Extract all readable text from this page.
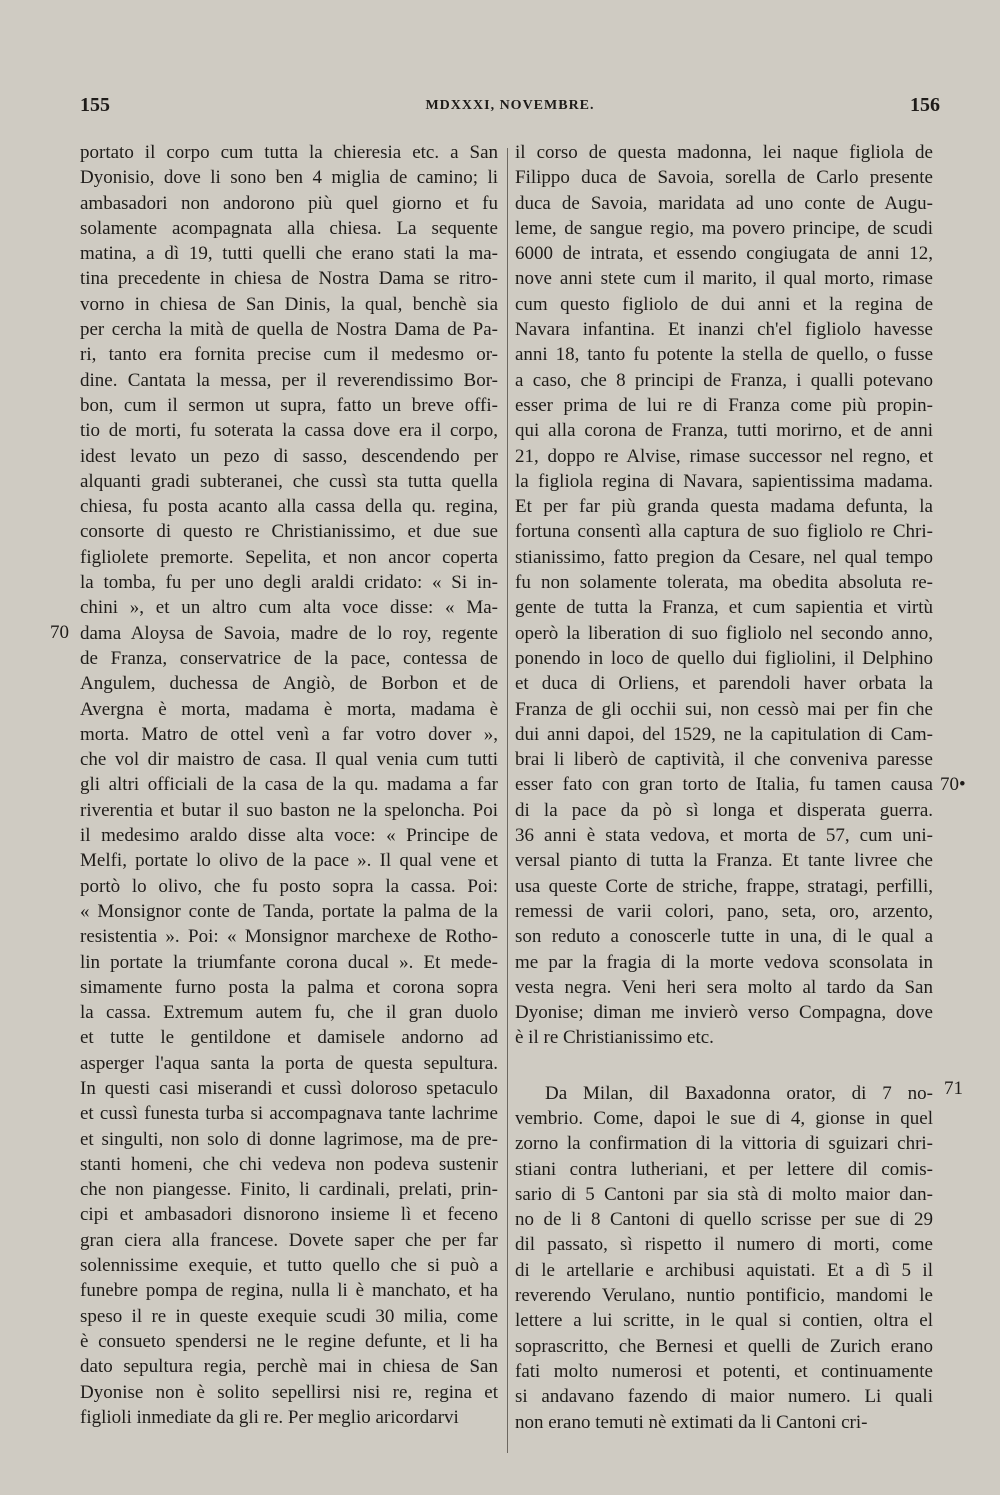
155	MDXXXI, NOVEMBRE.	156
70
70•
71
portato il corpo cum tutta la chieresia etc. a San
Dyonisio, dove li sono ben 4 miglia de camino; li
ambasadori non andorono più quel giorno et fu
solamente acompagnata alla chiesa. La sequente
matina, a dì 19, tutti quelli che erano stati la ma-
tina precedente in chiesa de Nostra Dama se ritro-
vorno in chiesa de San Dinis, la qual, benchè sia
per cercha la mità de quella de Nostra Dama de Pa-
ri, tanto era fornita precise cum il medesmo or-
dine. Cantata la messa, per il reverendissimo Bor-
bon, cum il sermon ut supra, fatto un breve offi-
tio de morti, fu soterata la cassa dove era il corpo,
idest levato un pezo di sasso, descendendo per
alquanti gradi subteranei, che cussì sta tutta quella
chiesa, fu posta acanto alla cassa della qu. regina,
consorte di questo re Christianissimo, et due sue
figliolete premorte. Sepelita, et non ancor coperta
la tomba, fu per uno degli araldi cridato: « Si in-
chini », et un altro cum alta voce disse: « Ma-
dama Aloysa de Savoia, madre de lo roy, regente
de Franza, conservatrice de la pace, contessa de
Angulem, duchessa de Angiò, de Borbon et de
Avergna è morta, madama è morta, madama è
morta. Matro de ottel venì a far votro dover »,
che vol dir maistro de casa. Il qual venia cum tutti
gli altri officiali de la casa de la qu. madama a far
riverentia et butar il suo baston ne la speloncha. Poi
il medesimo araldo disse alta voce: « Principe de
Melfi, portate lo olivo de la pace ». Il qual vene et
portò lo olivo, che fu posto sopra la cassa. Poi:
« Monsignor conte de Tanda, portate la palma de la
resistentia ». Poi: « Monsignor marchexe de Rotho-
lin portate la triumfante corona ducal ». Et mede-
simamente furno posta la palma et corona sopra
la cassa. Extremum autem fu, che il gran duolo
et tutte le gentildone et damisele andorno ad
asperger l'aqua santa la porta de questa sepultura.
In questi casi miserandi et cussì doloroso spetaculo
et cussì funesta turba si accompagnava tante lachrime
et singulti, non solo di donne lagrimose, ma de pre-
stanti homeni, che chi vedeva non podeva sustenir
che non piangesse. Finito, li cardinali, prelati, prin-
cipi et ambasadori disnorono insieme lì et feceno
gran ciera alla francese. Dovete saper che per far
solennissime exequie, et tutto quello che si può a
funebre pompa de regina, nulla li è manchato, et ha
speso il re in queste exequie scudi 30 milia, come
è consueto spendersi ne le regine defunte, et li ha
dato sepultura regia, perchè mai in chiesa de San
Dyonise non è solito sepellirsi nisi re, regina et
figlioli inmediate da gli re. Per meglio aricordarvi
il corso de questa madonna, lei naque figliola de
Filippo duca de Savoia, sorella de Carlo presente
duca de Savoia, maridata ad uno conte de Augu-
leme, de sangue regio, ma povero principe, de scudi
6000 de intrata, et essendo congiugata de anni 12,
nove anni stete cum il marito, il qual morto, rimase
cum questo figliolo de dui anni et la regina de
Navara infantina. Et inanzi ch'el figliolo havesse
anni 18, tanto fu potente la stella de quello, o fusse
a caso, che 8 principi de Franza, i qualli potevano
esser prima de lui re di Franza come più propin-
qui alla corona de Franza, tutti morirno, et de anni
21, doppo re Alvise, rimase successor nel regno, et
la figliola regina di Navara, sapientissima madama.
Et per far più granda questa madama defunta, la
fortuna consentì alla captura de suo figliolo re Chri-
stianissimo, fatto pregion da Cesare, nel qual tempo
fu non solamente tolerata, ma obedita absoluta re-
gente de tutta la Franza, et cum sapientia et virtù
operò la liberation di suo figliolo nel secondo anno,
ponendo in loco de quello dui figliolini, il Delphino
et duca di Orliens, et parendoli haver orbata la
Franza de gli occhii sui, non cessò mai per fin che
dui anni dapoi, del 1529, ne la capitulation di Cam-
brai li liberò de captività, il che conveniva paresse
esser fato con gran torto de Italia, fu tamen causa
di la pace da pò sì longa et disperata guerra.
36 anni è stata vedova, et morta de 57, cum uni-
versal pianto di tutta la Franza. Et tante livree che
usa queste Corte de striche, frappe, stratagi, perfilli,
remessi de varii colori, pano, seta, oro, arzento,
son reduto a conoscerle tutte in una, di le qual a
me par la fragia di la morte vedova sconsolata in
vesta negra. Veni heri sera molto al tardo da San
Dyonise; diman me invierò verso Compagna, dove
è il re Christianissimo etc.
Da Milan, dil Baxadonna orator, di 7 no-
vembrio. Come, dapoi le sue di 4, gionse in quel
zorno la confirmation di la vittoria di sguizari chri-
stiani contra lutheriani, et per lettere dil comis-
sario di 5 Cantoni par sia stà di molto maior dan-
no de li 8 Cantoni di quello scrisse per sue di 29
dil passato, sì rispetto il numero di morti, come
di le artellarie e archibusi aquistati. Et a dì 5 il
reverendo Verulano, nuntio pontificio, mandomi le
lettere a lui scritte, in le qual si contien, oltra el
soprascritto, che Bernesi et quelli de Zurich erano
fati molto numerosi et potenti, et continuamente
si andavano fazendo di maior numero. Li quali
non erano temuti nè extimati da li Cantoni cri-
